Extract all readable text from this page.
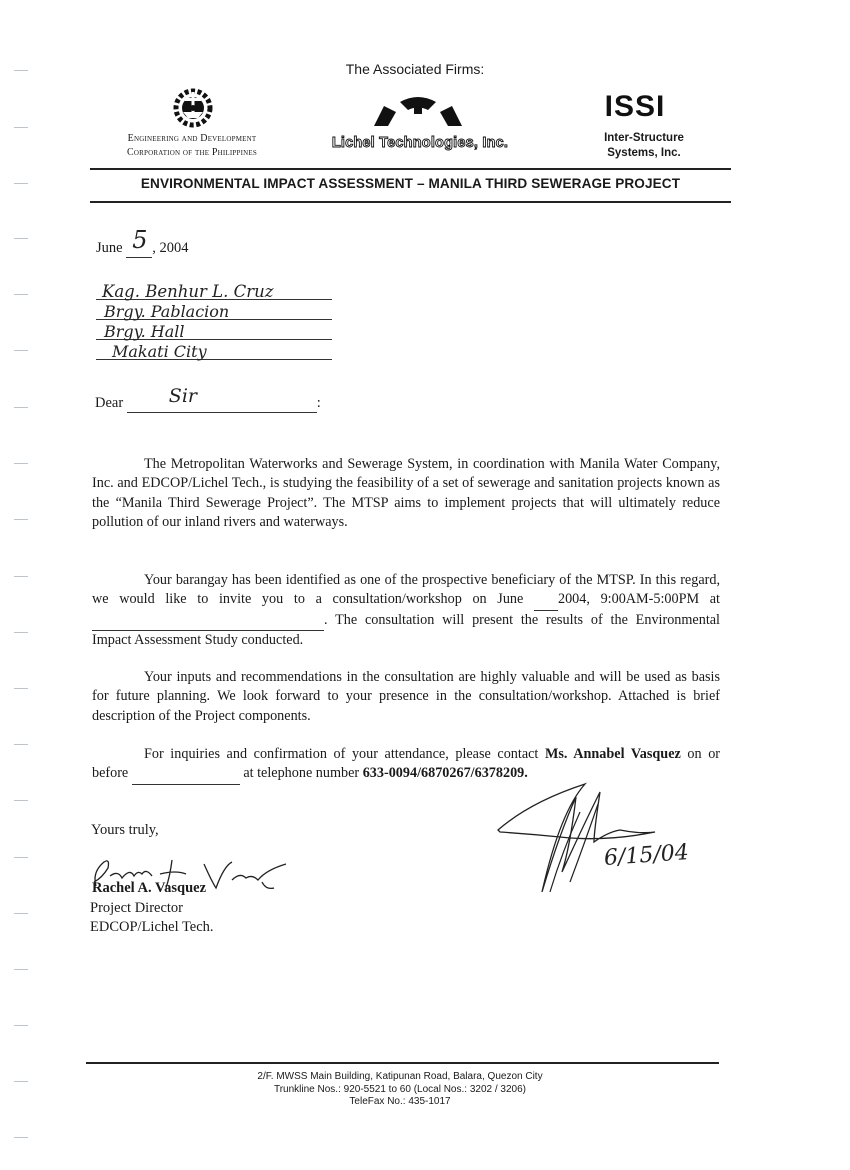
The Associated Firms:
Engineering and Development
Corporation of the Philippines
Lichel Technologies, Inc.
ISSI
Inter-Structure
Systems, Inc.
ENVIRONMENTAL IMPACT ASSESSMENT – MANILA THIRD SEWERAGE PROJECT
June 5 , 2004
Kag. Benhur L. Cruz
Brgy. Pablacion
Brgy. Hall
Makati City
Dear Sir	:
The Metropolitan Waterworks and Sewerage System, in coordination with Manila Water Company, Inc. and EDCOP/Lichel Tech., is studying the feasibility of a set of sewerage and sanitation projects known as the “Manila Third Sewerage Project”. The MTSP aims to implement projects that will ultimately reduce pollution of our inland rivers and waterways.
Your barangay has been identified as one of the prospective beneficiary of the MTSP. In this regard, we would like to invite you to a consultation/workshop on June 2004, 9:00AM-5:00PM at  . The consultation will present the results of the Environmental Impact Assessment Study conducted.
Your inputs and recommendations in the consultation are highly valuable and will be used as basis for future planning. We look forward to your presence in the consultation/workshop. Attached is brief description of the Project components.
For inquiries and confirmation of your attendance, please contact Ms. Annabel Vasquez on or before	at telephone number 633-0094/6870267/6378209.
6/15/04
Yours truly,
Rachel A. Vasquez
Project Director
EDCOP/Lichel Tech.
2/F. MWSS Main Building, Katipunan Road, Balara, Quezon City
Trunkline Nos.: 920-5521 to 60 (Local Nos.: 3202 / 3206)
TeleFax No.: 435-1017
